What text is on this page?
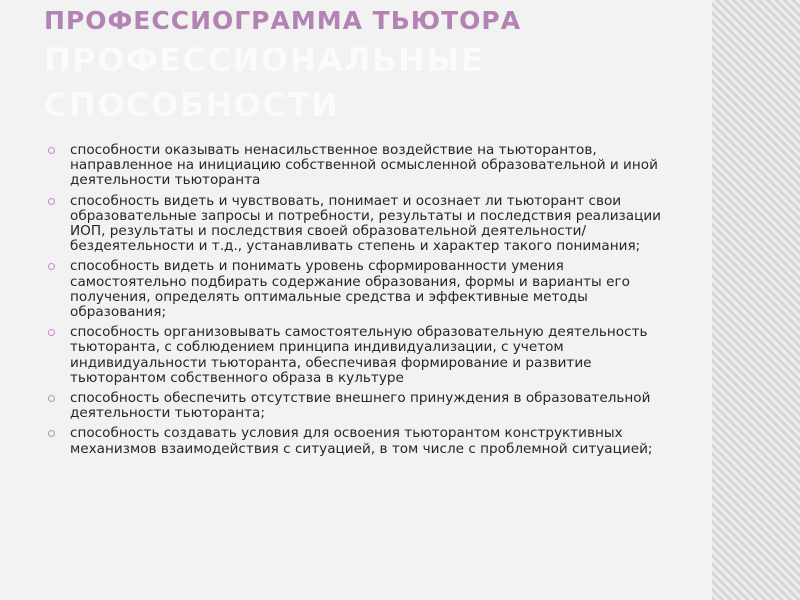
ПРОФЕССИОГРАММА ТЬЮТОРА
ПРОФЕССИОНАЛЬНЫЕ СПОСОБНОСТИ
способности оказывать ненасильственное воздействие на тьюторантов, направленное на инициацию собственной осмысленной образовательной и иной деятельности тьюторанта
способность видеть и чувствовать, понимает и осознает ли тьюторант свои образовательные запросы и потребности, результаты и последствия реализации ИОП, результаты и последствия своей образовательной деятельности/бездеятельности и т.д., устанавливать степень и характер такого понимания;
способность видеть и понимать уровень сформированности умения самостоятельно подбирать содержание образования, формы и варианты его получения, определять оптимальные средства и эффективные методы образования;
способность организовывать самостоятельную образовательную деятельность тьюторанта, с соблюдением принципа индивидуализации, с учетом индивидуальности тьюторанта, обеспечивая формирование и развитие тьюторантом собственного образа в культуре
способность обеспечить отсутствие внешнего принуждения в образовательной деятельности тьюторанта;
способность создавать условия для освоения тьюторантом конструктивных механизмов взаимодействия с ситуацией, в том числе с проблемной ситуацией;
